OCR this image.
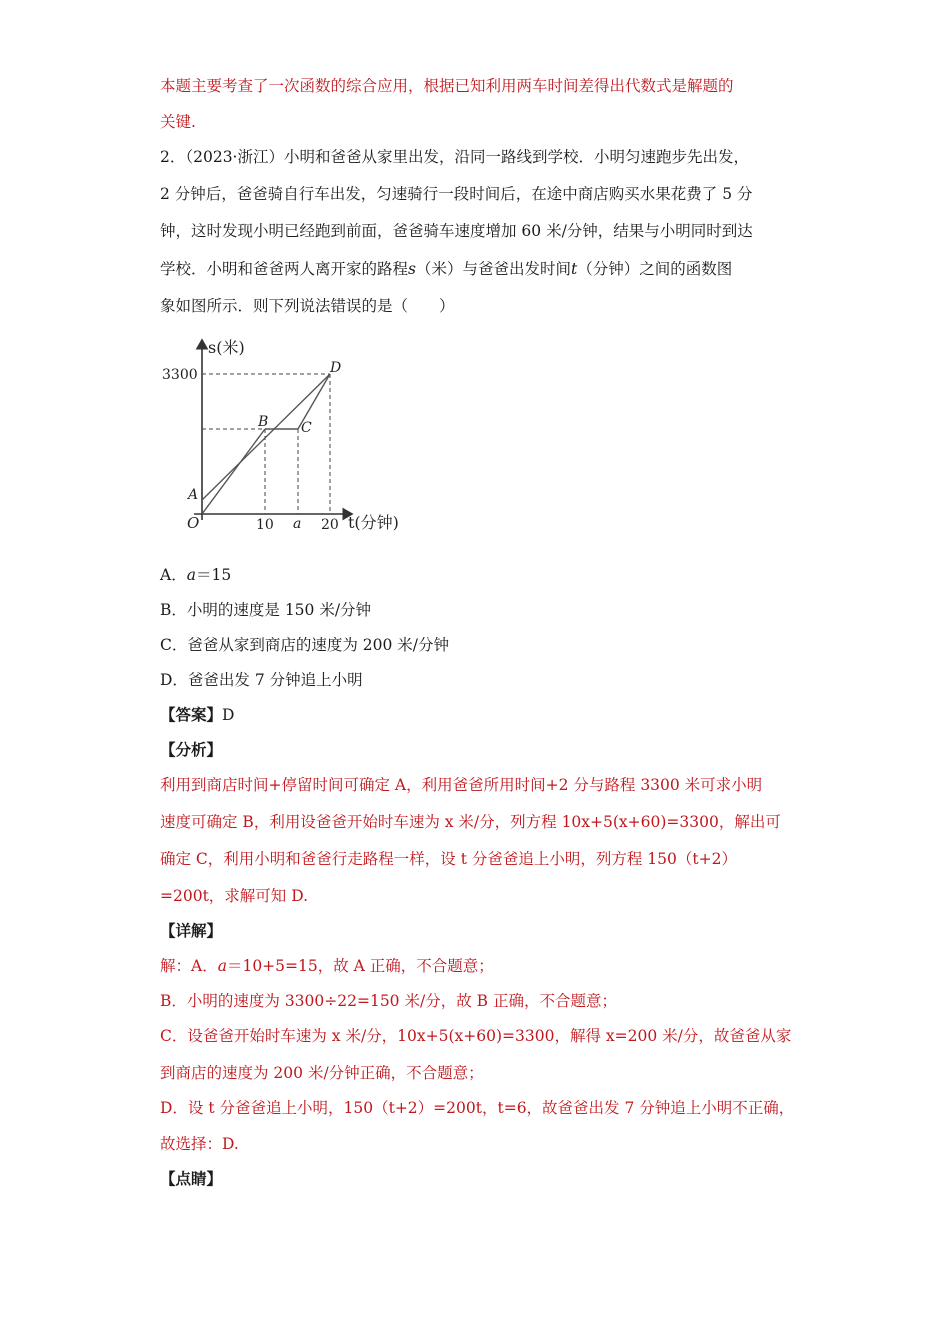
本题主要考查了一次函数的综合应用，根据已知利用两车时间差得出代数式是解题的
关键.
2．（2023·浙江）小明和爸爸从家里出发，沿同一路线到学校．小明匀速跑步先出发，
2 分钟后，爸爸骑自行车出发，匀速骑行一段时间后，在途中商店购买水果花费了 5 分
钟，这时发现小明已经跑到前面，爸爸骑车速度增加 60 米/分钟，结果与小明同时到达
学校．小明和爸爸两人离开家的路程s（米）与爸爸出发时间t（分钟）之间的函数图
象如图所示．则下列说法错误的是（　　）
s(米)
t(分钟)
3300
10 a 20
O
A
B C
D
A．a＝15
B．小明的速度是 150 米/分钟
C．爸爸从家到商店的速度为 200 米/分钟
D．爸爸出发 7 分钟追上小明
【答案】D
【分析】
利用到商店时间+停留时间可确定 A，利用爸爸所用时间+2 分与路程 3300 米可求小明
速度可确定 B，利用设爸爸开始时车速为 x 米/分，列方程 10x+5(x+60)=3300，解出可
确定 C，利用小明和爸爸行走路程一样，设 t 分爸爸追上小明，列方程 150（t+2）
=200t，求解可知 D.
【详解】
解：A．a＝10+5=15，故 A 正确，不合题意；
B．小明的速度为 3300÷22=150 米/分，故 B 正确，不合题意；
C．设爸爸开始时车速为 x 米/分，10x+5(x+60)=3300，解得 x=200 米/分，故爸爸从家
到商店的速度为 200 米/分钟正确，不合题意；
D．设 t 分爸爸追上小明，150（t+2）=200t，t=6，故爸爸出发 7 分钟追上小明不正确，
故选择：D.
【点睛】
